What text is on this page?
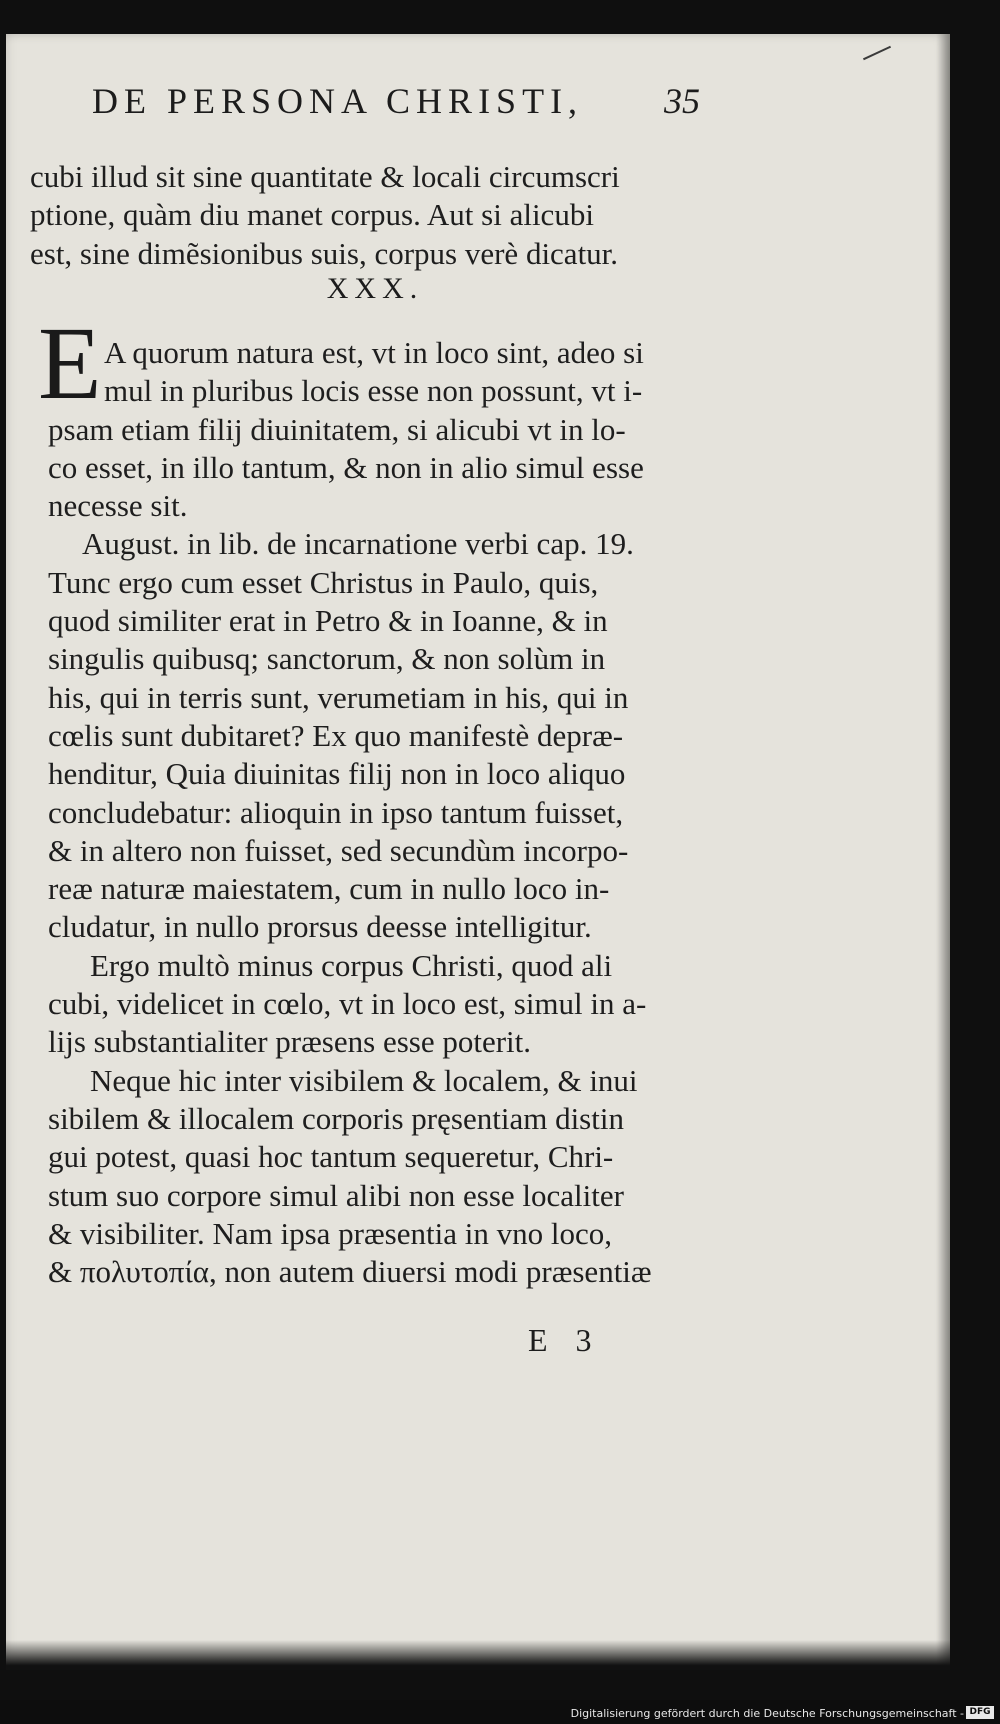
DE PERSONA CHRISTI,	35
cubi illud sit sine quantitate & locali circumscri
ptione, quàm diu manet corpus. Aut si alicubi
est, sine dimẽsionibus suis, corpus verè dicatur.
XXX.
E A quorum natura est, vt in loco sint, adeo si
mul in pluribus locis esse non possunt, vt i-
psam etiam filij diuinitatem, si alicubi vt in lo-
co esset, in illo tantum, & non in alio simul esse
necesse sit.
August. in lib. de incarnatione verbi cap. 19.
Tunc ergo cum esset Christus in Paulo, quis,
quod similiter erat in Petro & in Ioanne, & in
singulis quibusq; sanctorum, & non solùm in
his, qui in terris sunt, verumetiam in his, qui in
cœlis sunt dubitaret? Ex quo manifestè depræ-
henditur, Quia diuinitas filij non in loco aliquo
concludebatur: alioquin in ipso tantum fuisset,
& in altero non fuisset, sed secundùm incorpo-
reæ naturæ maiestatem, cum in nullo loco in-
cludatur, in nullo prorsus deesse intelligitur.
Ergo multò minus corpus Christi, quod ali
cubi, videlicet in cœlo, vt in loco est, simul in a-
lijs substantialiter præsens esse poterit.
Neque hic inter visibilem & localem, & inui
sibilem & illocalem corporis pręsentiam distin
gui potest, quasi hoc tantum sequeretur, Chri-
stum suo corpore simul alibi non esse localiter
& visibiliter. Nam ipsa præsentia in vno loco,
& πολυτοπία, non autem diuersi modi præsentiæ
E 3
Digitalisierung gefördert durch die Deutsche Forschungsgemeinschaft - DFG
